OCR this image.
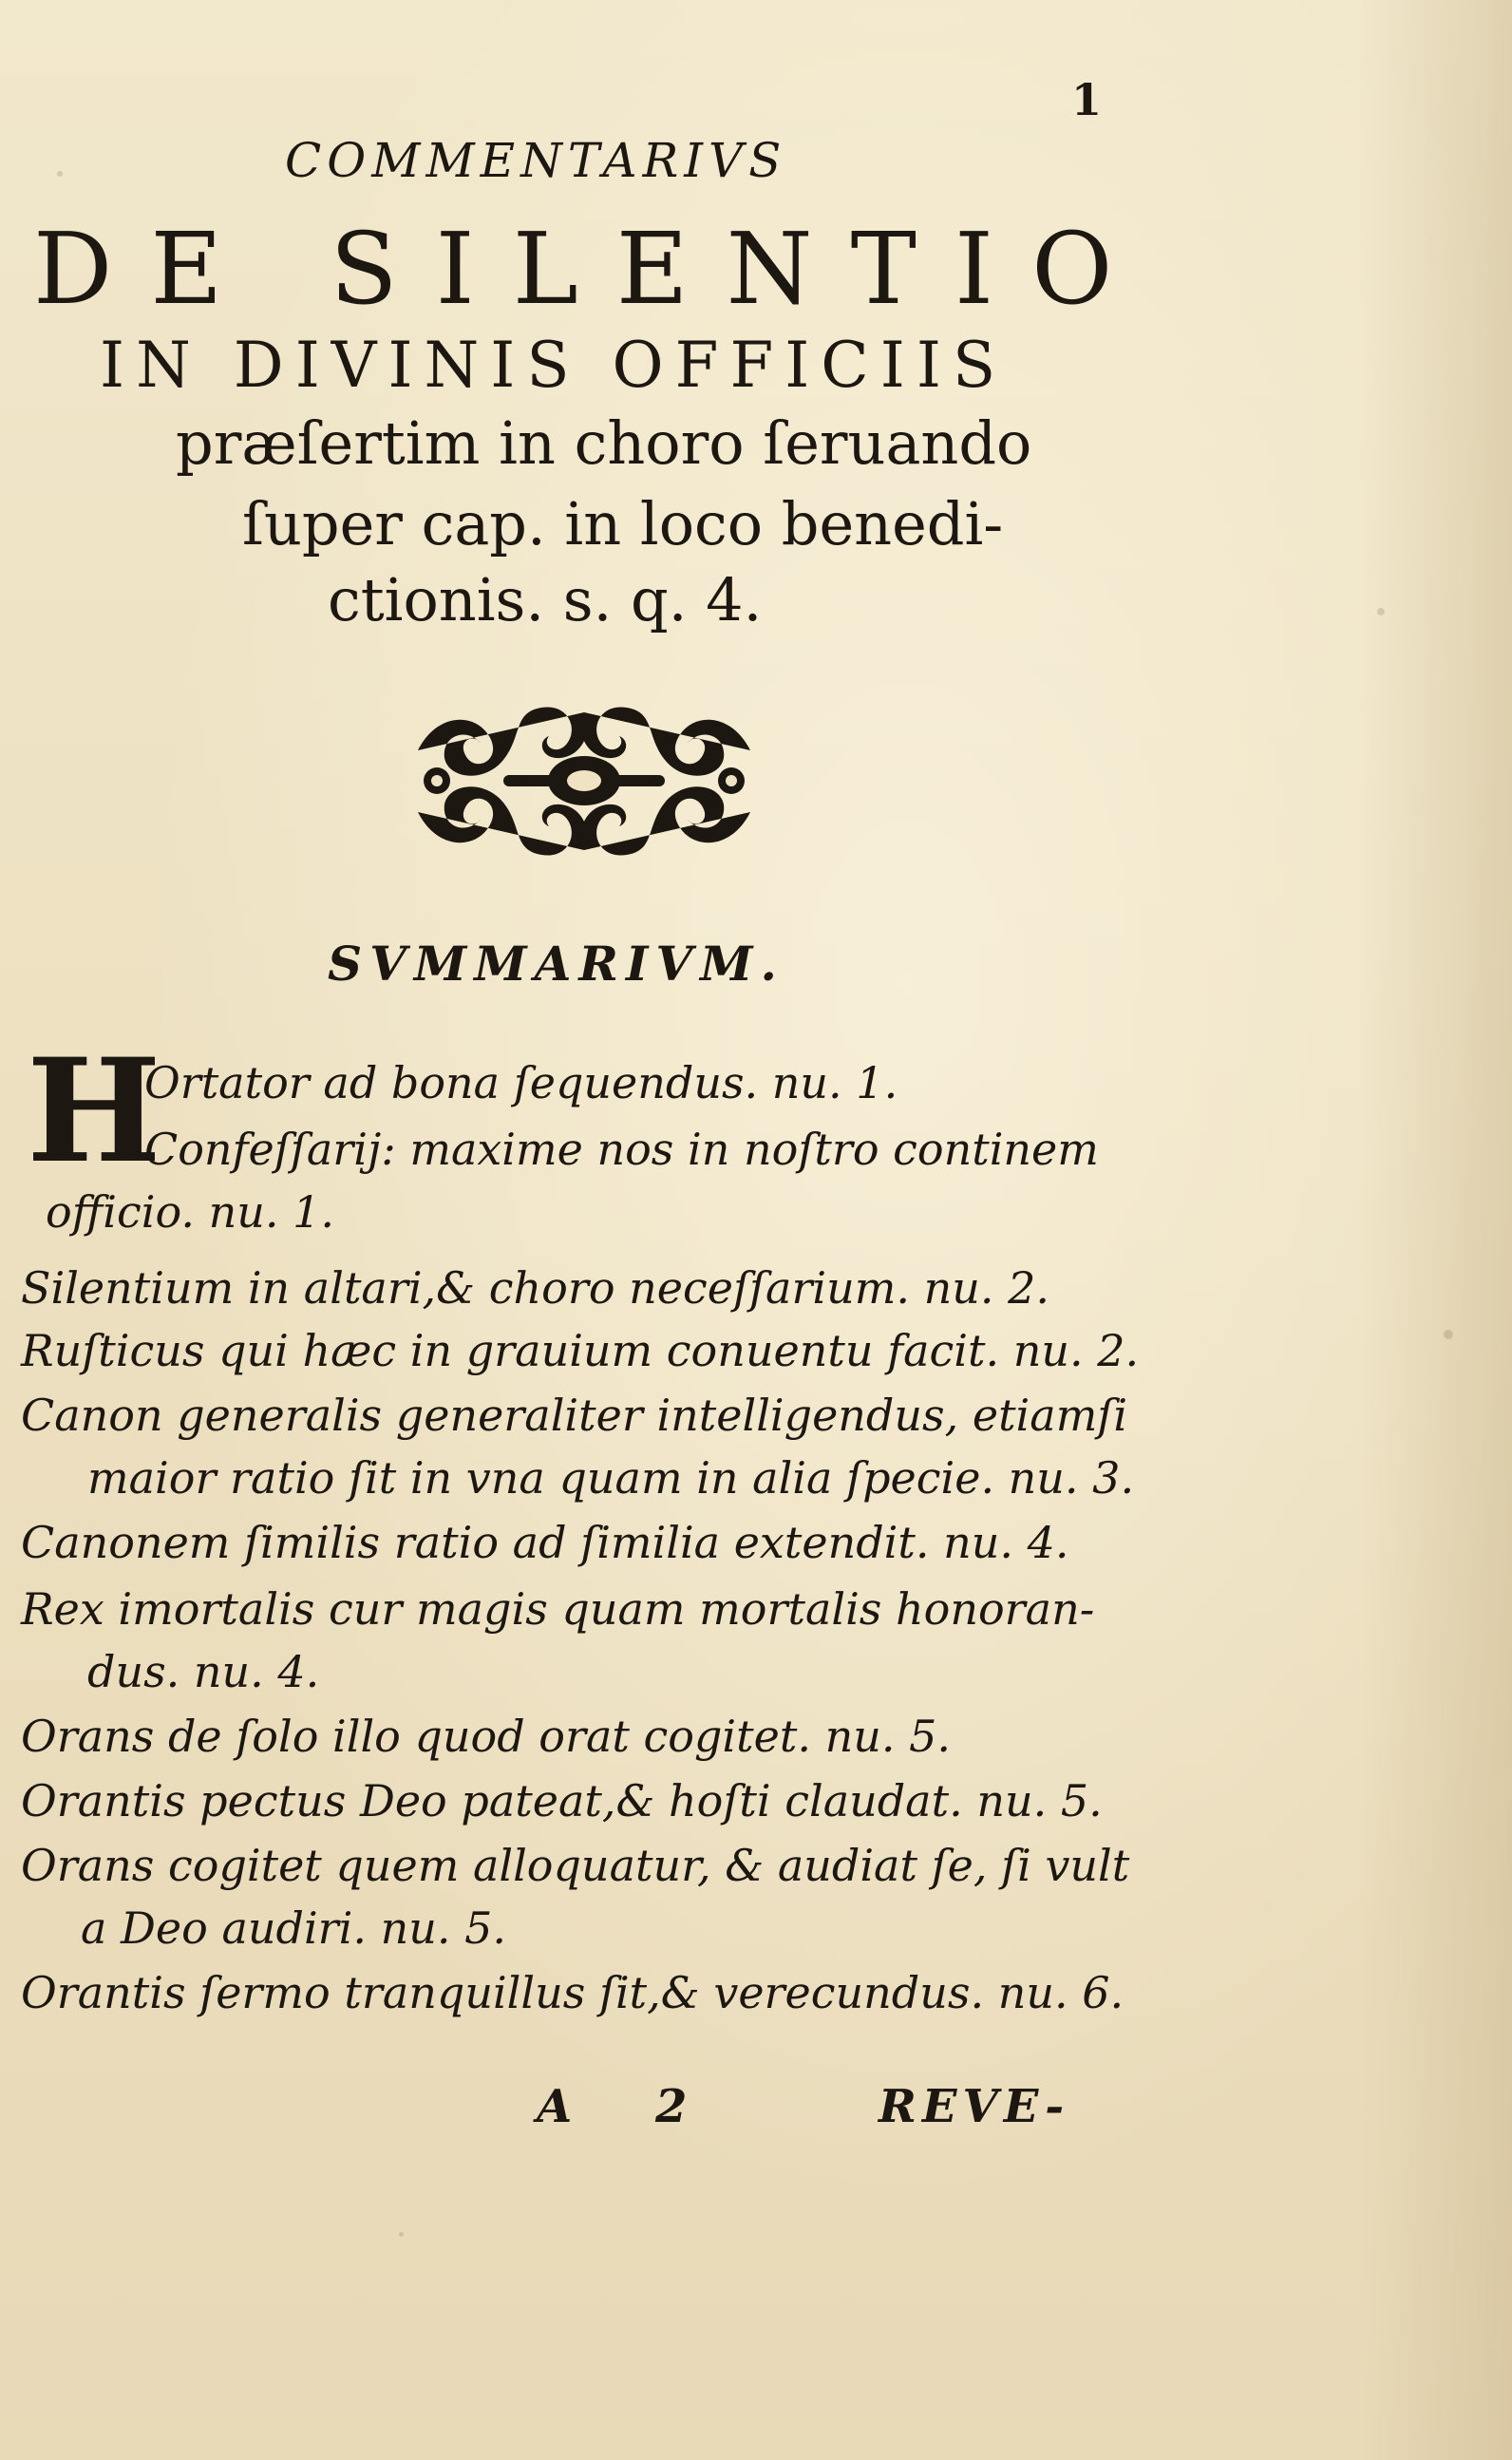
1
COMMENTARIVS
DE SILENTIO
IN DIVINIS OFFICIIS
præſertim in choro ſeruando
ſuper cap. in loco benedi-
ctionis. s. q. 4.
SVMMARIVM.
H
Ortator ad bona ſequendus. nu. 1.
Confeſſarij: maxime nos in noſtro continem
officio. nu. 1.
Silentium in altari,& choro neceſſarium. nu. 2.
Ruſticus qui hæc in grauium conuentu facit. nu. 2.
Canon generalis generaliter intelligendus, etiamſi
maior ratio ſit in vna quam in alia ſpecie. nu. 3.
Canonem ſimilis ratio ad ſimilia extendit. nu. 4.
Rex imortalis cur magis quam mortalis honoran-
dus. nu. 4.
Orans de ſolo illo quod orat cogitet. nu. 5.
Orantis pectus Deo pateat,& hoſti claudat. nu. 5.
Orans cogitet quem alloquatur, & audiat ſe, ſi vult
a Deo audiri. nu. 5.
Orantis ſermo tranquillus ſit,& verecundus. nu. 6.
A 2	REVE-
